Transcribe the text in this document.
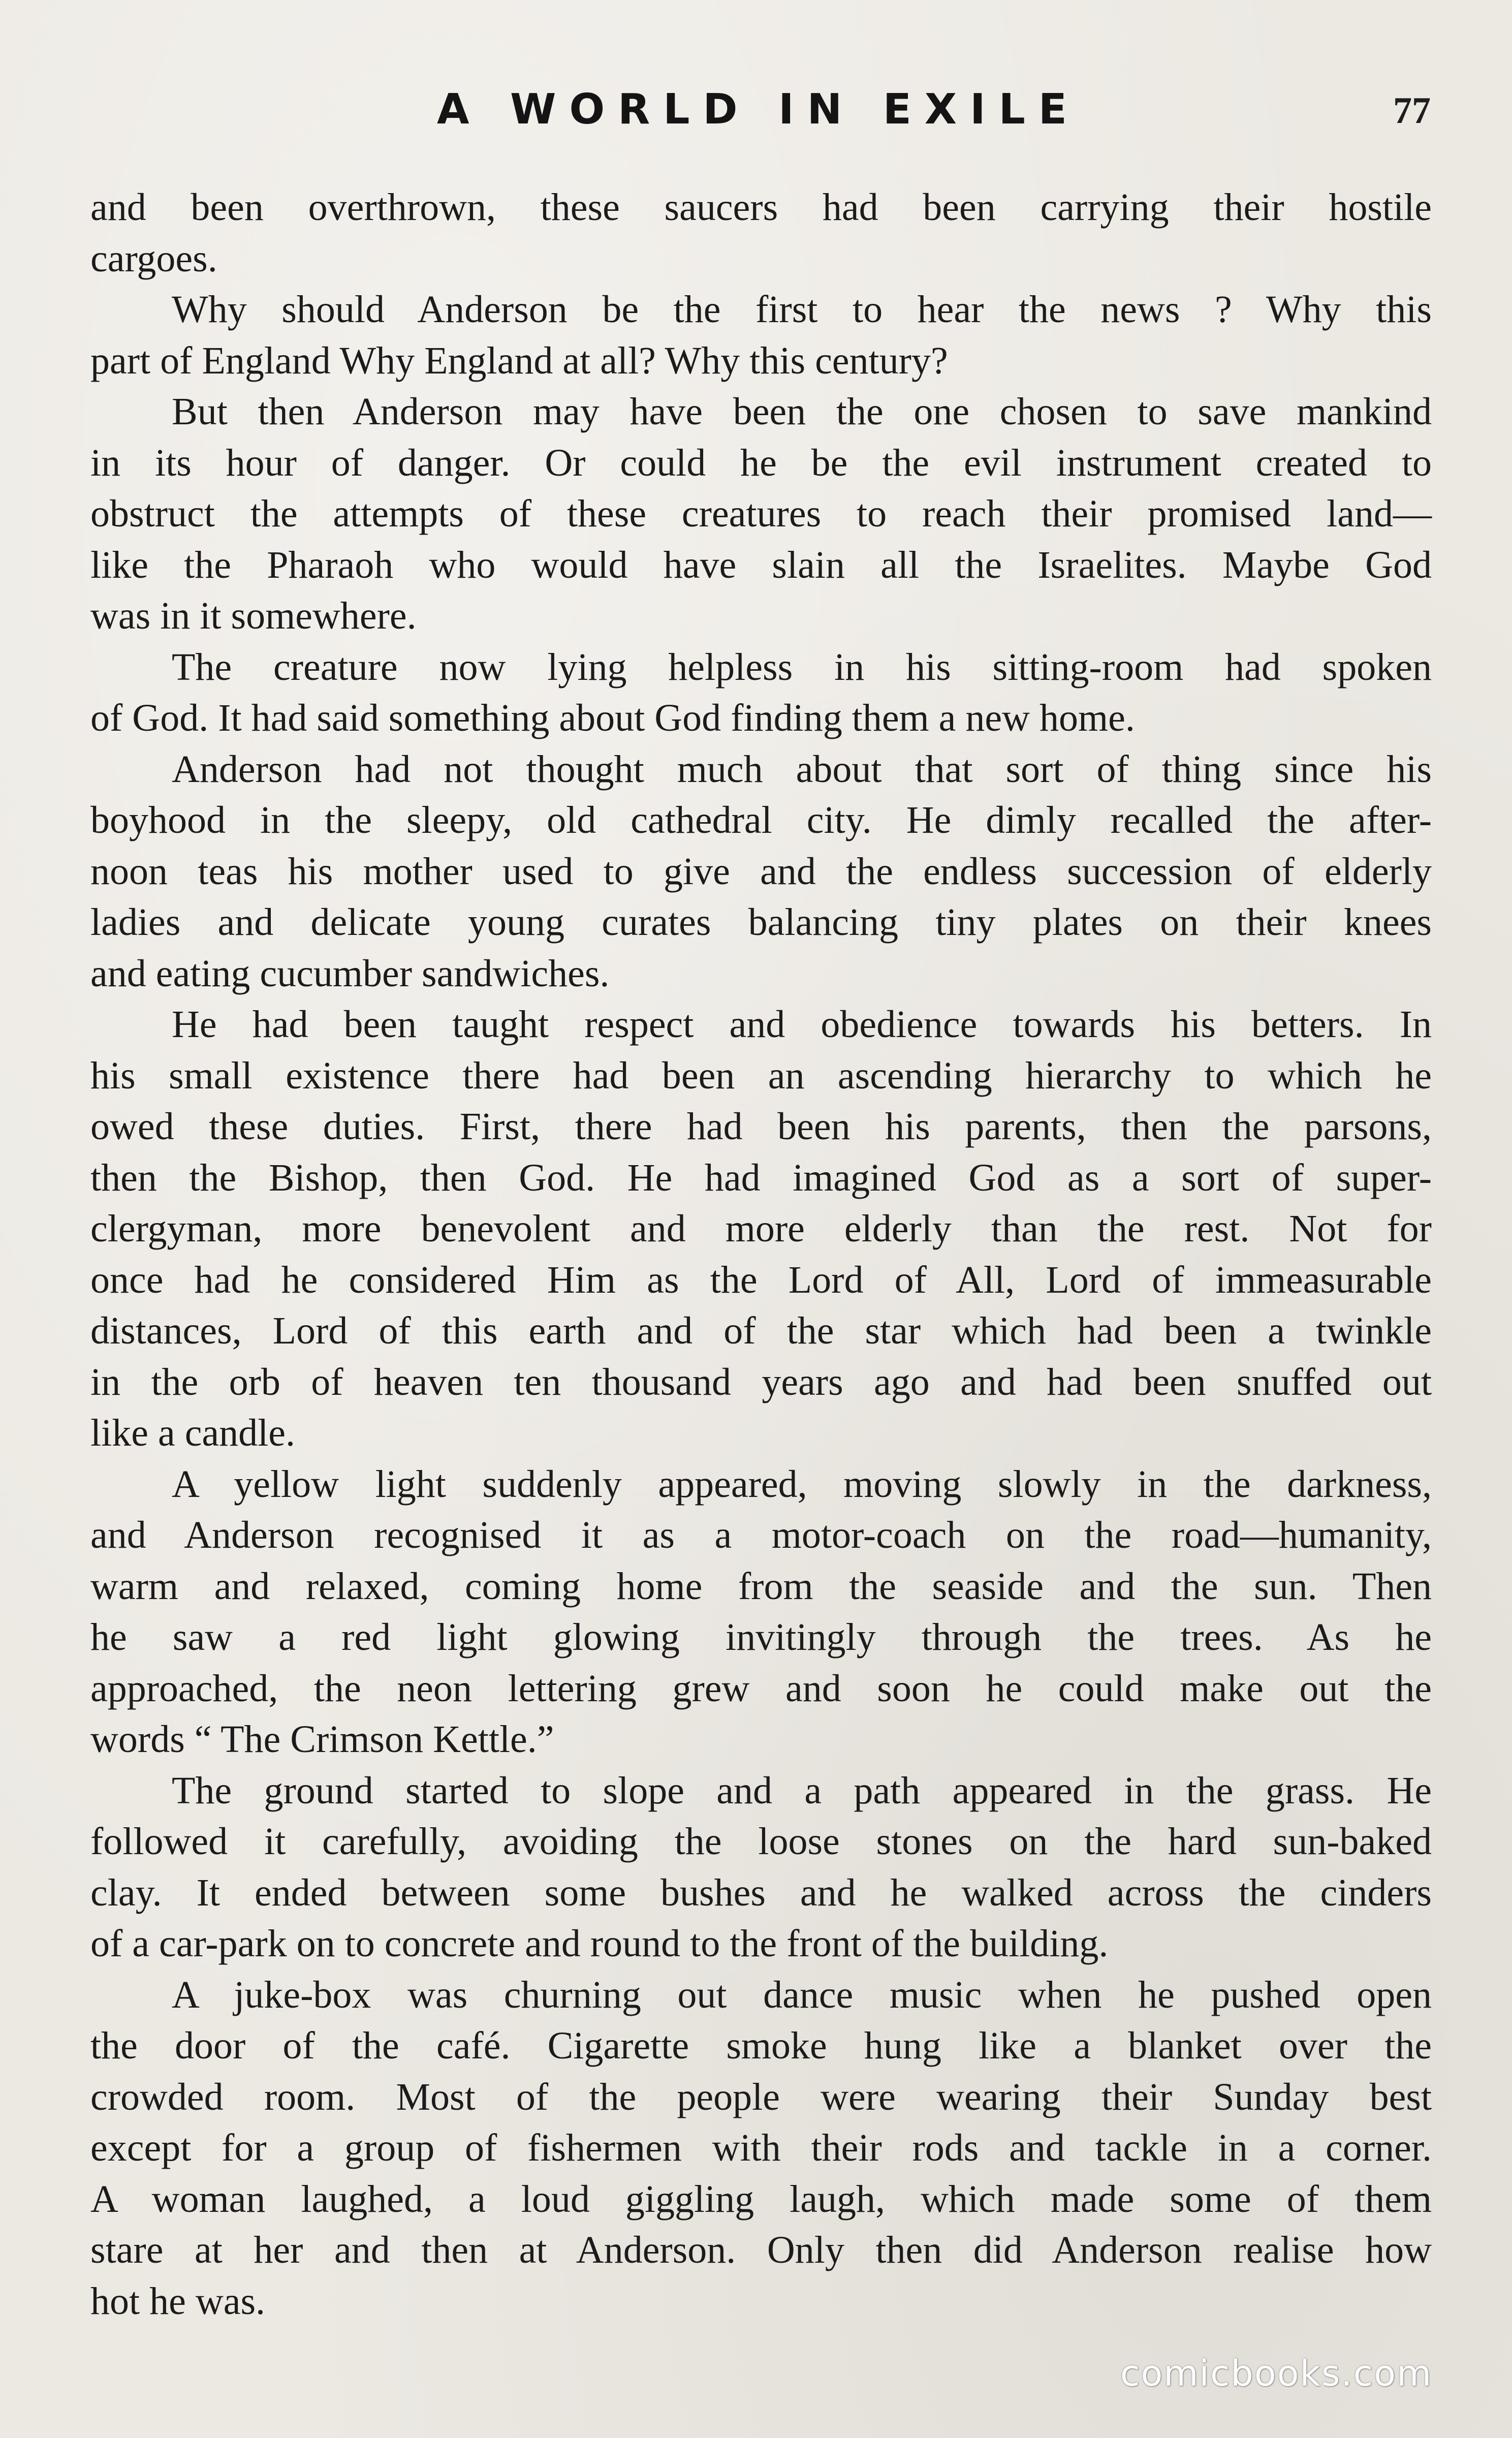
A WORLD IN EXILE	77
and been overthrown, these saucers had been carrying their hostile
cargoes.
Why should Anderson be the first to hear the news ? Why this
part of England Why England at all? Why this century?
But then Anderson may have been the one chosen to save mankind
in its hour of danger. Or could he be the evil instrument created to
obstruct the attempts of these creatures to reach their promised land—
like the Pharaoh who would have slain all the Israelites. Maybe God
was in it somewhere.
The creature now lying helpless in his sitting-room had spoken
of God. It had said something about God finding them a new home.
Anderson had not thought much about that sort of thing since his
boyhood in the sleepy, old cathedral city. He dimly recalled the after-
noon teas his mother used to give and the endless succession of elderly
ladies and delicate young curates balancing tiny plates on their knees
and eating cucumber sandwiches.
He had been taught respect and obedience towards his betters. In
his small existence there had been an ascending hierarchy to which he
owed these duties. First, there had been his parents, then the parsons,
then the Bishop, then God. He had imagined God as a sort of super-
clergyman, more benevolent and more elderly than the rest. Not for
once had he considered Him as the Lord of All, Lord of immeasurable
distances, Lord of this earth and of the star which had been a twinkle
in the orb of heaven ten thousand years ago and had been snuffed out
like a candle.
A yellow light suddenly appeared, moving slowly in the darkness,
and Anderson recognised it as a motor-coach on the road—humanity,
warm and relaxed, coming home from the seaside and the sun. Then
he saw a red light glowing invitingly through the trees. As he
approached, the neon lettering grew and soon he could make out the
words “ The Crimson Kettle.”
The ground started to slope and a path appeared in the grass. He
followed it carefully, avoiding the loose stones on the hard sun-baked
clay. It ended between some bushes and he walked across the cinders
of a car-park on to concrete and round to the front of the building.
A juke-box was churning out dance music when he pushed open
the door of the café. Cigarette smoke hung like a blanket over the
crowded room. Most of the people were wearing their Sunday best
except for a group of fishermen with their rods and tackle in a corner.
A woman laughed, a loud giggling laugh, which made some of them
stare at her and then at Anderson. Only then did Anderson realise how
hot he was.
comicbooks.com
